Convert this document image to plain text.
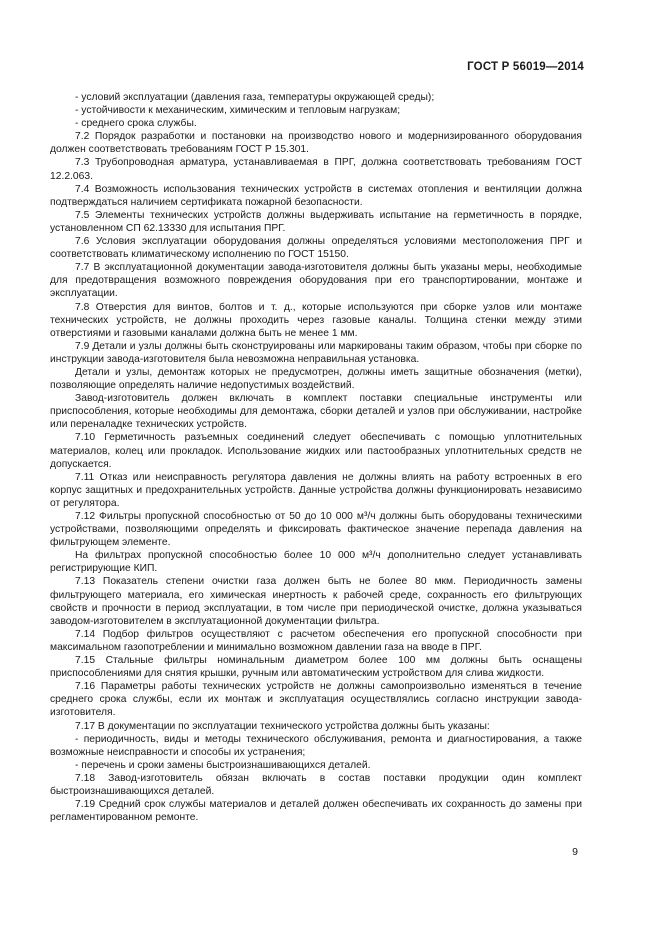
ГОСТ Р 56019—2014

- условий эксплуатации (давления газа, температуры окружающей среды);

- устойчивости к механическим, химическим и тепловым нагрузкам;

- среднего срока службы.

7.2 Порядок разработки и постановки на производство нового и модернизированного оборудования должен соответствовать требованиям ГОСТ Р 15.301.

7.3 Трубопроводная арматура, устанавливаемая в ПРГ, должна соответствовать требованиям ГОСТ 12.2.063.

7.4 Возможность использования технических устройств в системах отопления и вентиляции должна подтверждаться наличием сертификата пожарной безопасности.

7.5 Элементы технических устройств должны выдерживать испытание на герметичность в порядке, установленном СП 62.13330 для испытания ПРГ.

7.6 Условия эксплуатации оборудования должны определяться условиями местоположения ПРГ и соответствовать климатическому исполнению по ГОСТ 15150.

7.7 В эксплуатационной документации завода-изготовителя должны быть указаны меры, необходимые для предотвращения возможного повреждения оборудования при его транспортировании, монтаже и эксплуатации.

7.8 Отверстия для винтов, болтов и т. д., которые используются при сборке узлов или монтаже технических устройств, не должны проходить через газовые каналы. Толщина стенки между этими отверстиями и газовыми каналами должна быть не менее 1 мм.

7.9 Детали и узлы должны быть сконструированы или маркированы таким образом, чтобы при сборке по инструкции завода-изготовителя была невозможна неправильная установка.

Детали и узлы, демонтаж которых не предусмотрен, должны иметь защитные обозначения (метки), позволяющие определять наличие недопустимых воздействий.

Завод-изготовитель должен включать в комплект поставки специальные инструменты или приспособления, которые необходимы для демонтажа, сборки деталей и узлов при обслуживании, настройке или переналадке технических устройств.

7.10 Герметичность разъемных соединений следует обеспечивать с помощью уплотнительных материалов, колец или прокладок. Использование жидких или пастообразных уплотнительных средств не допускается.

7.11 Отказ или неисправность регулятора давления не должны влиять на работу встроенных в его корпус защитных и предохранительных устройств. Данные устройства должны функционировать независимо от регулятора.

7.12 Фильтры пропускной способностью от 50 до 10 000 м³/ч должны быть оборудованы техническими устройствами, позволяющими определять и фиксировать фактическое значение перепада давления на фильтрующем элементе.

На фильтрах пропускной способностью более 10 000 м³/ч дополнительно следует устанавливать регистрирующие КИП.

7.13 Показатель степени очистки газа должен быть не более 80 мкм. Периодичность замены фильтрующего материала, его химическая инертность к рабочей среде, сохранность его фильтрующих свойств и прочности в период эксплуатации, в том числе при периодической очистке, должна указываться заводом-изготовителем в эксплуатационной документации фильтра.

7.14 Подбор фильтров осуществляют с расчетом обеспечения его пропускной способности при максимальном газопотреблении и минимально возможном давлении газа на вводе в ПРГ.

7.15 Стальные фильтры номинальным диаметром более 100 мм должны быть оснащены приспособлениями для снятия крышки, ручным или автоматическим устройством для слива жидкости.

7.16 Параметры работы технических устройств не должны самопроизвольно изменяться в течение среднего срока службы, если их монтаж и эксплуатация осуществлялись согласно инструкции завода-изготовителя.

7.17 В документации по эксплуатации технического устройства должны быть указаны:

- периодичность, виды и методы технического обслуживания, ремонта и диагностирования, а также возможные неисправности и способы их устранения;

- перечень и сроки замены быстроизнашивающихся деталей.

7.18 Завод-изготовитель обязан включать в состав поставки продукции один комплект быстроизнашивающихся деталей.

7.19 Средний срок службы материалов и деталей должен обеспечивать их сохранность до замены при регламентированном ремонте.

9
